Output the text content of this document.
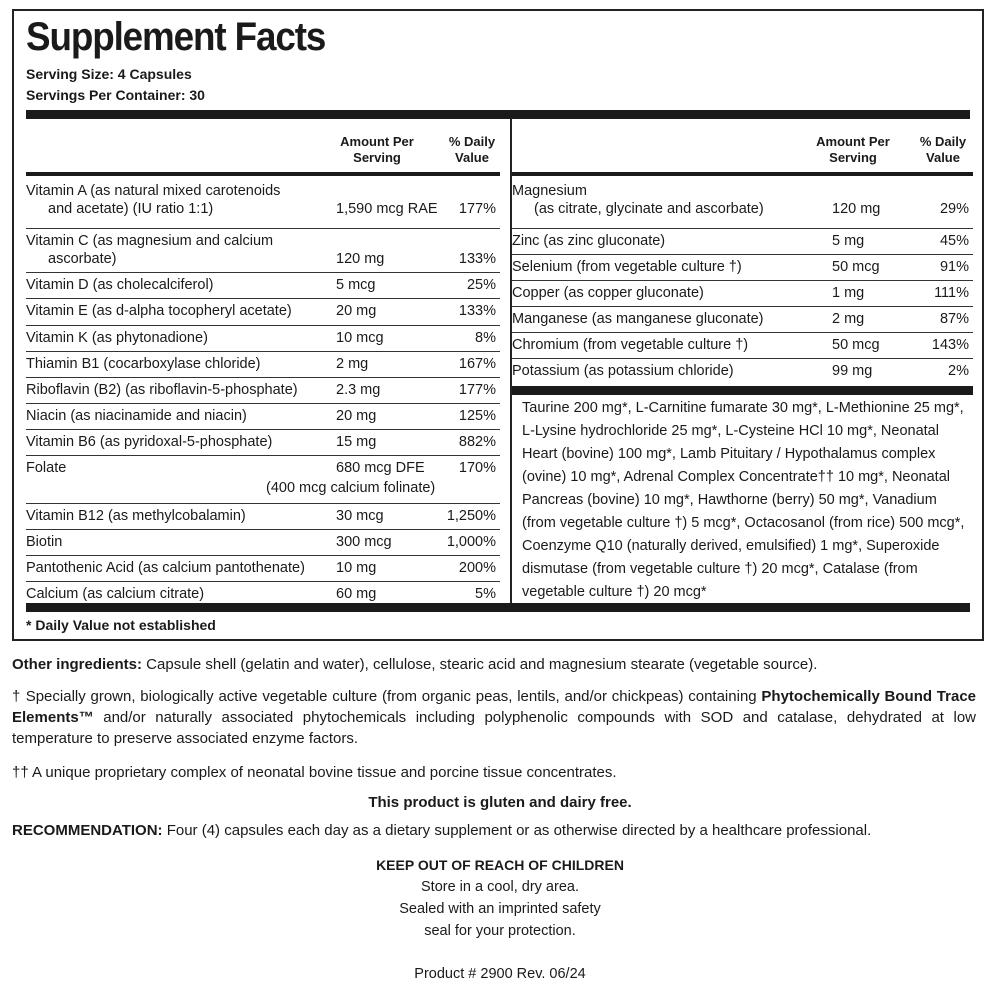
Supplement Facts
Serving Size: 4 Capsules
Servings Per Container: 30
Amount Per Serving
% Daily Value
Vitamin A (as natural mixed carotenoids
and acetate) (IU ratio 1:1)	1,590 mcg RAE 177%
Vitamin C (as magnesium and calcium
ascorbate)	120 mg	133%
Vitamin D (as cholecalciferol)	5 mcg	25%
Vitamin E (as d-alpha tocopheryl acetate)	20 mg	133%
Vitamin K (as phytonadione)	10 mcg	8%
Thiamin B1 (cocarboxylase chloride)	2 mg	167%
Riboflavin (B2) (as riboflavin-5-phosphate)	2.3 mg	177%
Niacin (as niacinamide and niacin)	20 mg	125%
Vitamin B6 (as pyridoxal-5-phosphate)	15 mg	882%
Folate	680 mcg DFE 170%
(400 mcg calcium folinate)
Vitamin B12 (as methylcobalamin)	30 mcg	1,250%
Biotin	300 mcg	1,000%
Pantothenic Acid (as calcium pantothenate) 10 mg	200%
Calcium (as calcium citrate)	60 mg	5%
Amount Per Serving
% Daily Value
Magnesium
(as citrate, glycinate and ascorbate)	120 mg	29%
Zinc (as zinc gluconate)	5 mg	45%
Selenium (from vegetable culture †)	50 mcg	91%
Copper (as copper gluconate)	1 mg	111%
Manganese (as manganese gluconate)	2 mg	87%
Chromium (from vegetable culture †)	50 mcg	143%
Potassium (as potassium chloride)	99 mg	2%
Taurine 200 mg*, L-Carnitine fumarate 30 mg*, L-Methionine 25 mg*,
L-Lysine hydrochloride 25 mg*, L-Cysteine HCl 10 mg*, Neonatal
Heart (bovine) 100 mg*, Lamb Pituitary / Hypothalamus complex
(ovine) 10 mg*, Adrenal Complex Concentrate†† 10 mg*, Neonatal
Pancreas (bovine) 10 mg*, Hawthorne (berry) 50 mg*, Vanadium
(from vegetable culture †) 5 mcg*, Octacosanol (from rice) 500 mcg*,
Coenzyme Q10 (naturally derived, emulsified) 1 mg*, Superoxide
dismutase (from vegetable culture †) 20 mcg*, Catalase (from
vegetable culture †) 20 mcg*
* Daily Value not established
Other ingredients: Capsule shell (gelatin and water), cellulose, stearic acid and magnesium stearate (vegetable source).
† Specially grown, biologically active vegetable culture (from organic peas, lentils, and/or chickpeas) containing Phytochemically Bound Trace Elements™ and/or naturally associated phytochemicals including polyphenolic compounds with SOD and catalase, dehydrated at low temperature to preserve associated enzyme factors.
†† A unique proprietary complex of neonatal bovine tissue and porcine tissue concentrates.
This product is gluten and dairy free.
RECOMMENDATION: Four (4) capsules each day as a dietary supplement or as otherwise directed by a healthcare professional.
KEEP OUT OF REACH OF CHILDREN
Store in a cool, dry area.
Sealed with an imprinted safety
seal for your protection.
Product # 2900 Rev. 06/24
